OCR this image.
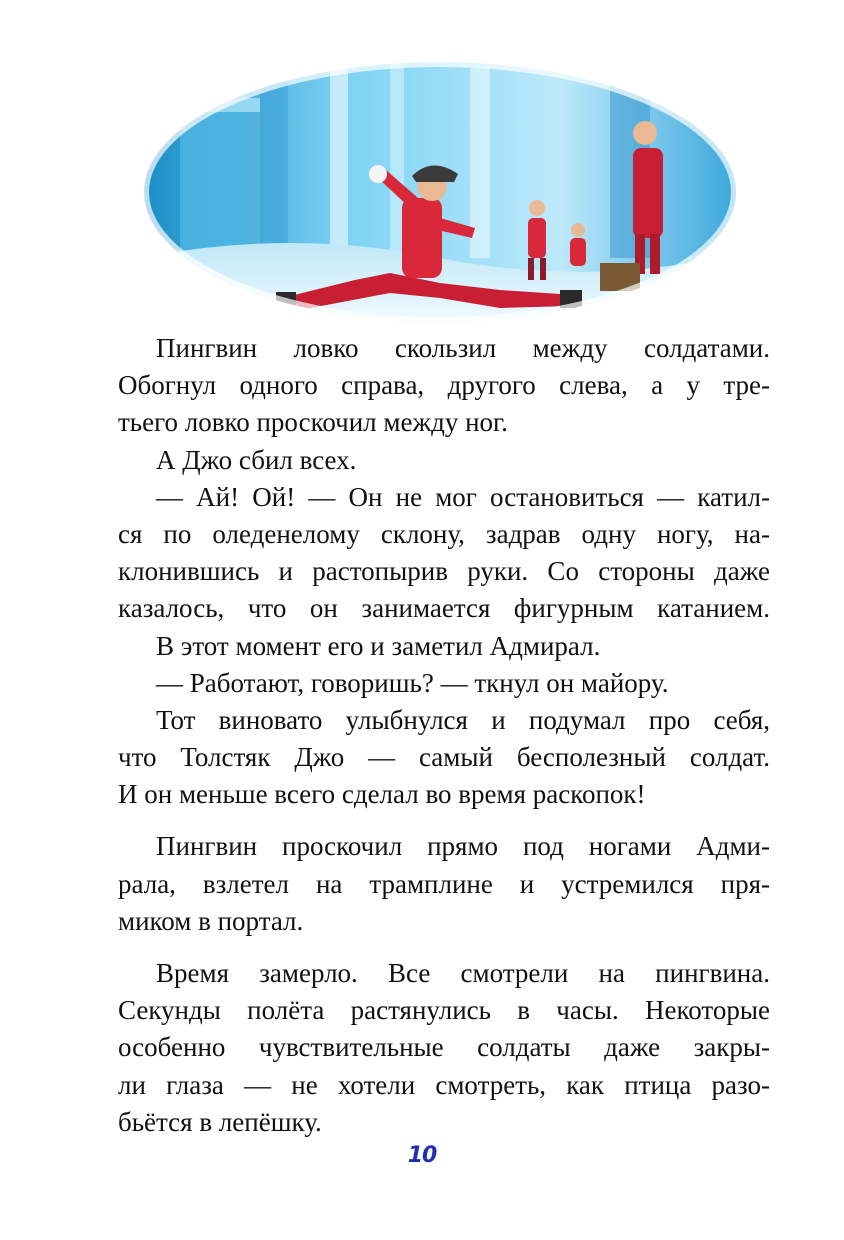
Пингвин ловко скользил между солдатами.
Обогнул одного справа, другого слева, а у тре-
тьего ловко проскочил между ног.
А Джо сбил всех.
— Ай! Ой! — Он не мог остановиться — катил-
ся по оледенелому склону, задрав одну ногу, на-
клонившись и растопырив руки. Со стороны даже
казалось, что он занимается фигурным катанием.
В этот момент его и заметил Адмирал.
— Работают, говоришь? — ткнул он майору.
Тот виновато улыбнулся и подумал про себя,
что Толстяк Джо — самый бесполезный солдат.
И он меньше всего сделал во время раскопок!
Пингвин проскочил прямо под ногами Адми-
рала, взлетел на трамплине и устремился пря-
миком в портал.
Время замерло. Все смотрели на пингвина.
Секунды полёта растянулись в часы. Некоторые
особенно чувствительные солдаты даже закры-
ли глаза — не хотели смотреть, как птица разо-
бьётся в лепёшку.
10
